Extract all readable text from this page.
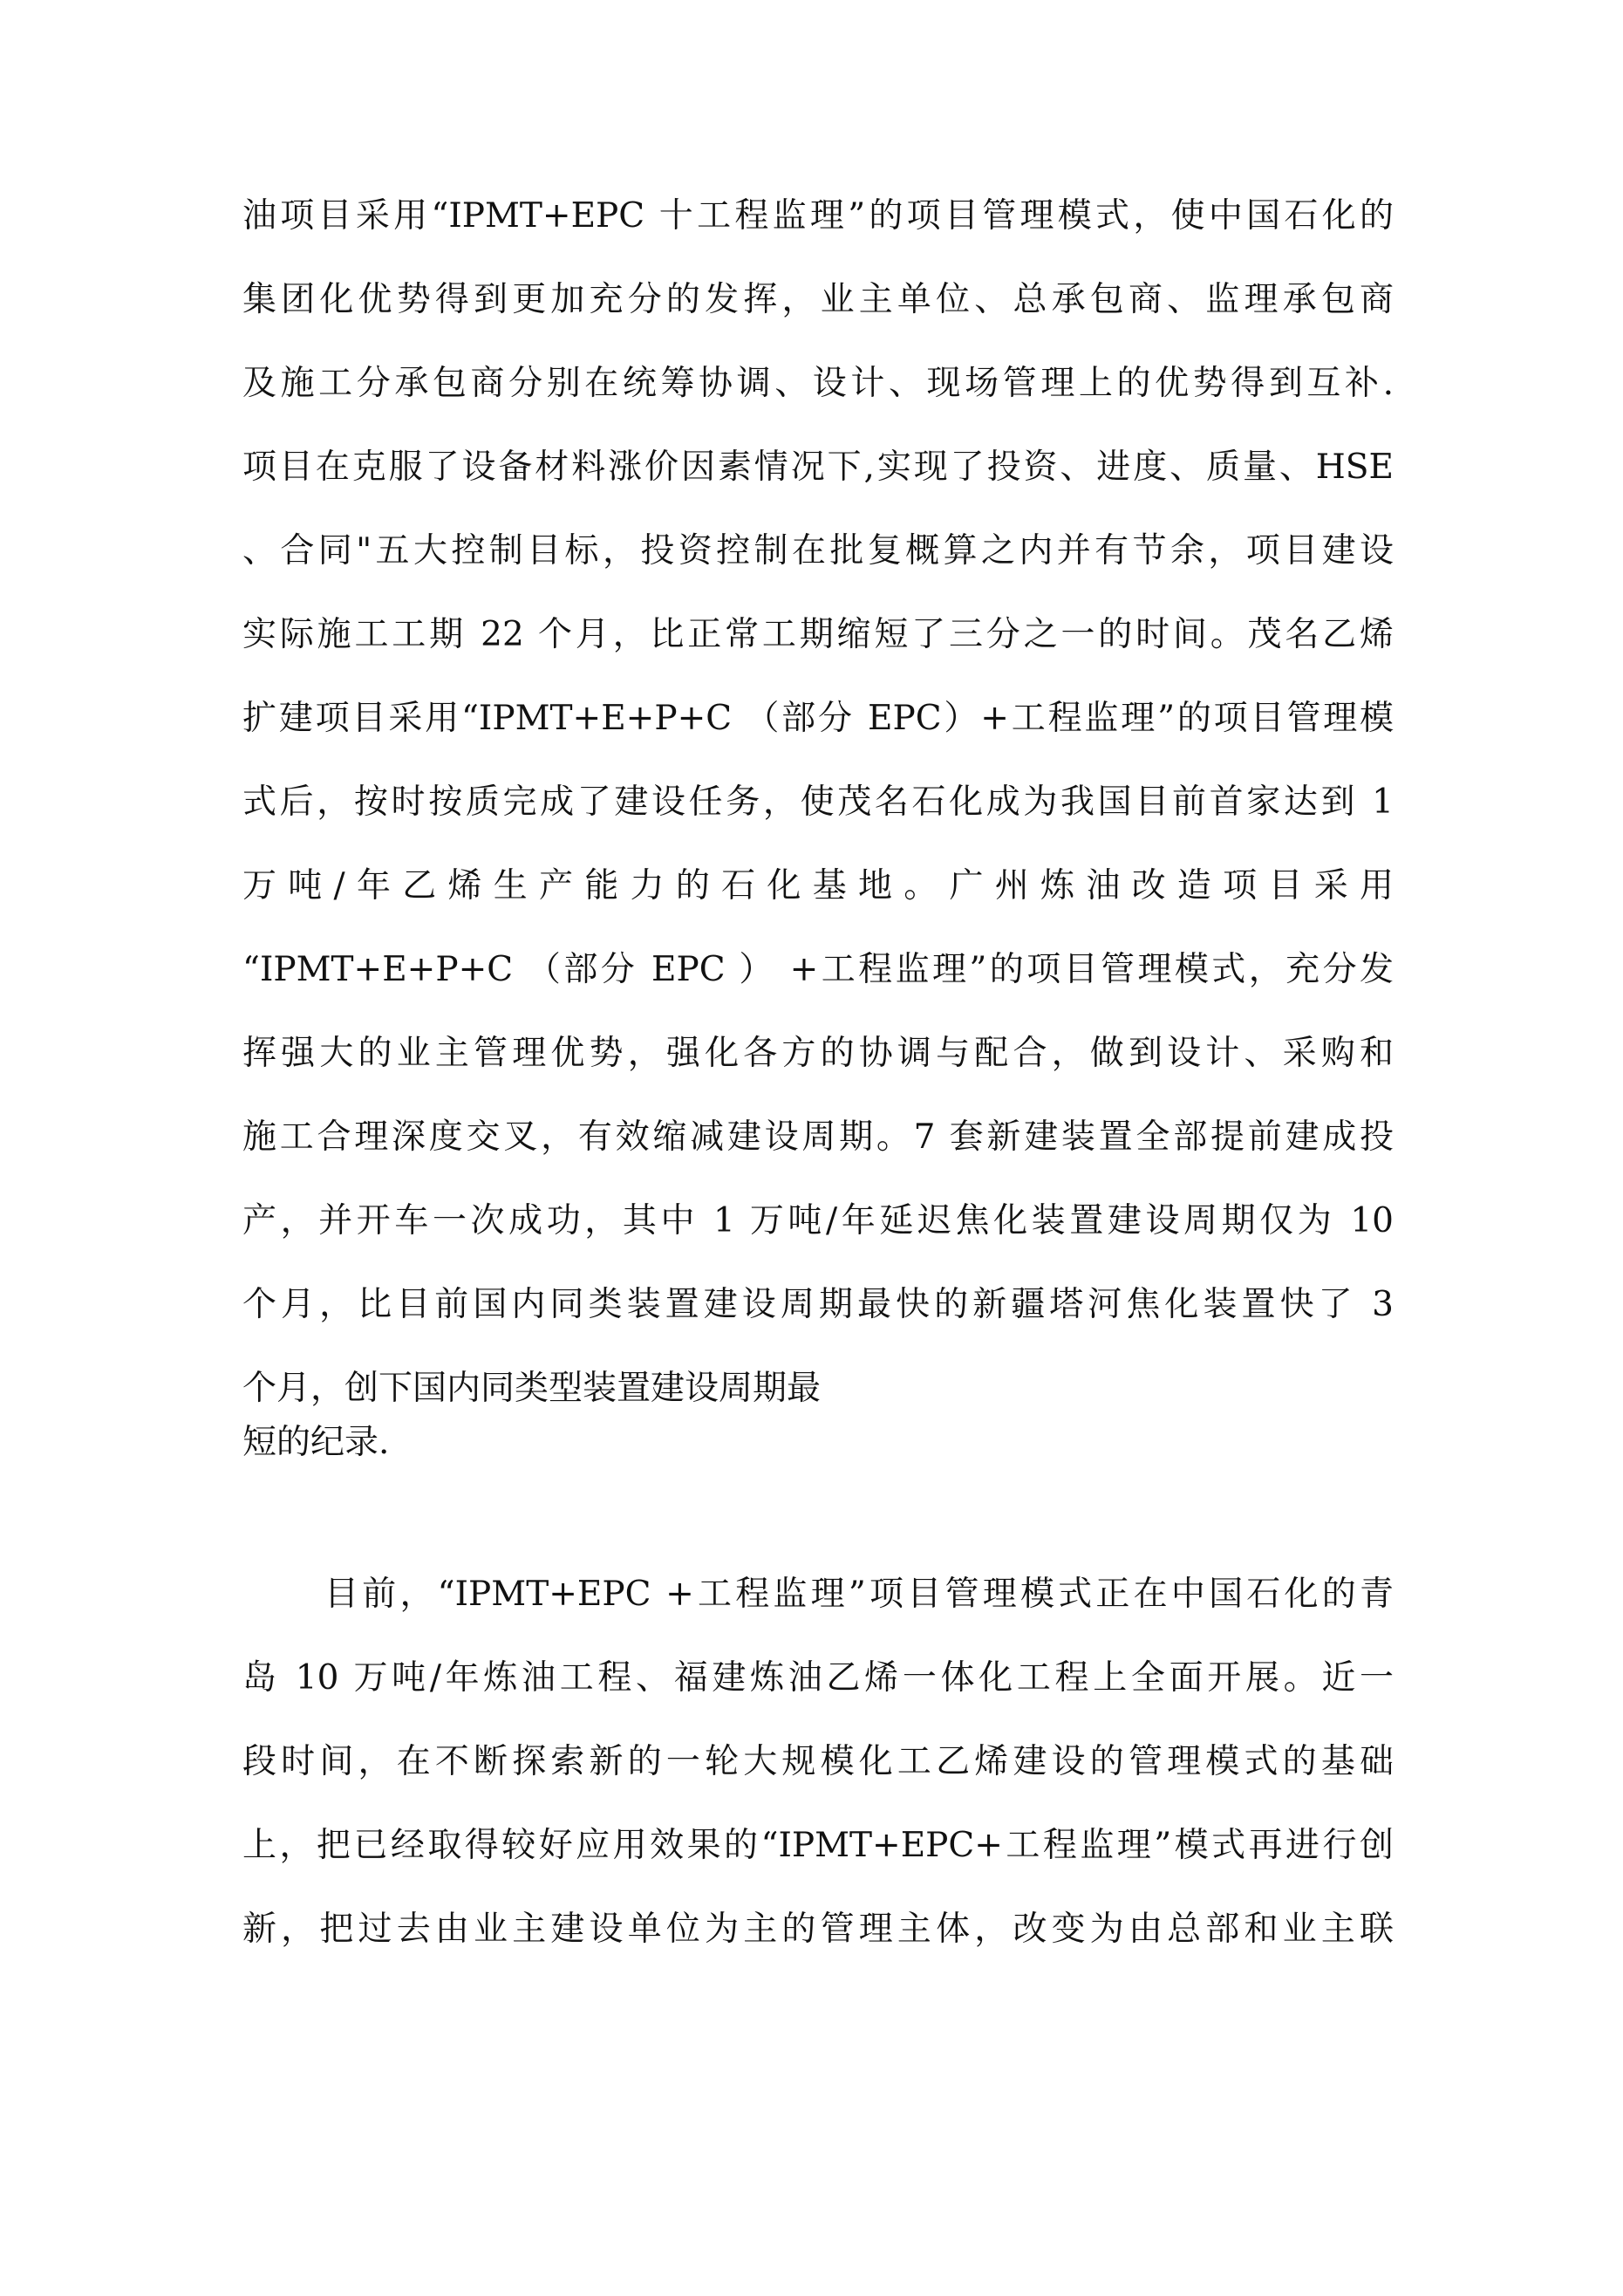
油项目采用“IPMT+EPC 十工程监理”的项目管理模式，使中国石化的
集团化优势得到更加充分的发挥，业主单位、总承包商、监理承包商
及施工分承包商分别在统筹协调、设计、现场管理上的优势得到互补.
项目在克服了设备材料涨价因素情况下,实现了投资、进度、质量、HSE
、合同"五大控制目标，投资控制在批复概算之内并有节余，项目建设
实际施工工期 22 个月，比正常工期缩短了三分之一的时间。茂名乙烯
扩建项目采用“IPMT+E+P+C （部分 EPC）+工程监理”的项目管理模
式后，按时按质完成了建设任务，使茂名石化成为我国目前首家达到 1
万吨/年乙烯生产能力的石化基地。广州炼油改造项目采用
“IPMT+E+P+C （部分 EPC ） +工程监理”的项目管理模式，充分发
挥强大的业主管理优势，强化各方的协调与配合，做到设计、采购和
施工合理深度交叉，有效缩减建设周期。7 套新建装置全部提前建成投
产，并开车一次成功，其中 1 万吨/年延迟焦化装置建设周期仅为 10
个月，比目前国内同类装置建设周期最快的新疆塔河焦化装置快了 3
个月，创下国内同类型装置建设周期最
短的纪录.
目前，“IPMT+EPC +工程监理”项目管理模式正在中国石化的青
岛 10 万吨/年炼油工程、福建炼油乙烯一体化工程上全面开展。近一
段时间，在不断探索新的一轮大规模化工乙烯建设的管理模式的基础
上，把已经取得较好应用效果的“IPMT+EPC+工程监理”模式再进行创
新，把过去由业主建设单位为主的管理主体，改变为由总部和业主联
